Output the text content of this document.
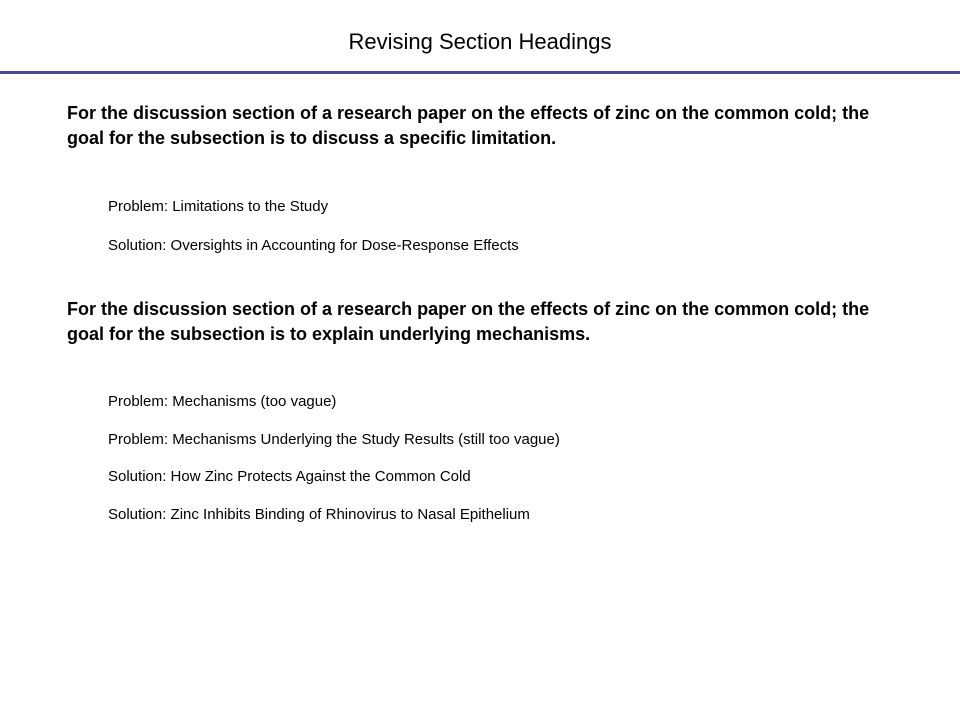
Revising Section Headings
For the discussion section of a research paper on the effects of zinc on the common cold; the goal for the subsection is to discuss a specific limitation.
Problem: Limitations to the Study
Solution: Oversights in Accounting for Dose-Response Effects
For the discussion section of a research paper on the effects of zinc on the common cold; the goal for the subsection is to explain underlying mechanisms.
Problem: Mechanisms (too vague)
Problem: Mechanisms Underlying the Study Results (still too vague)
Solution: How Zinc Protects Against the Common Cold
Solution: Zinc Inhibits Binding of Rhinovirus to Nasal Epithelium
